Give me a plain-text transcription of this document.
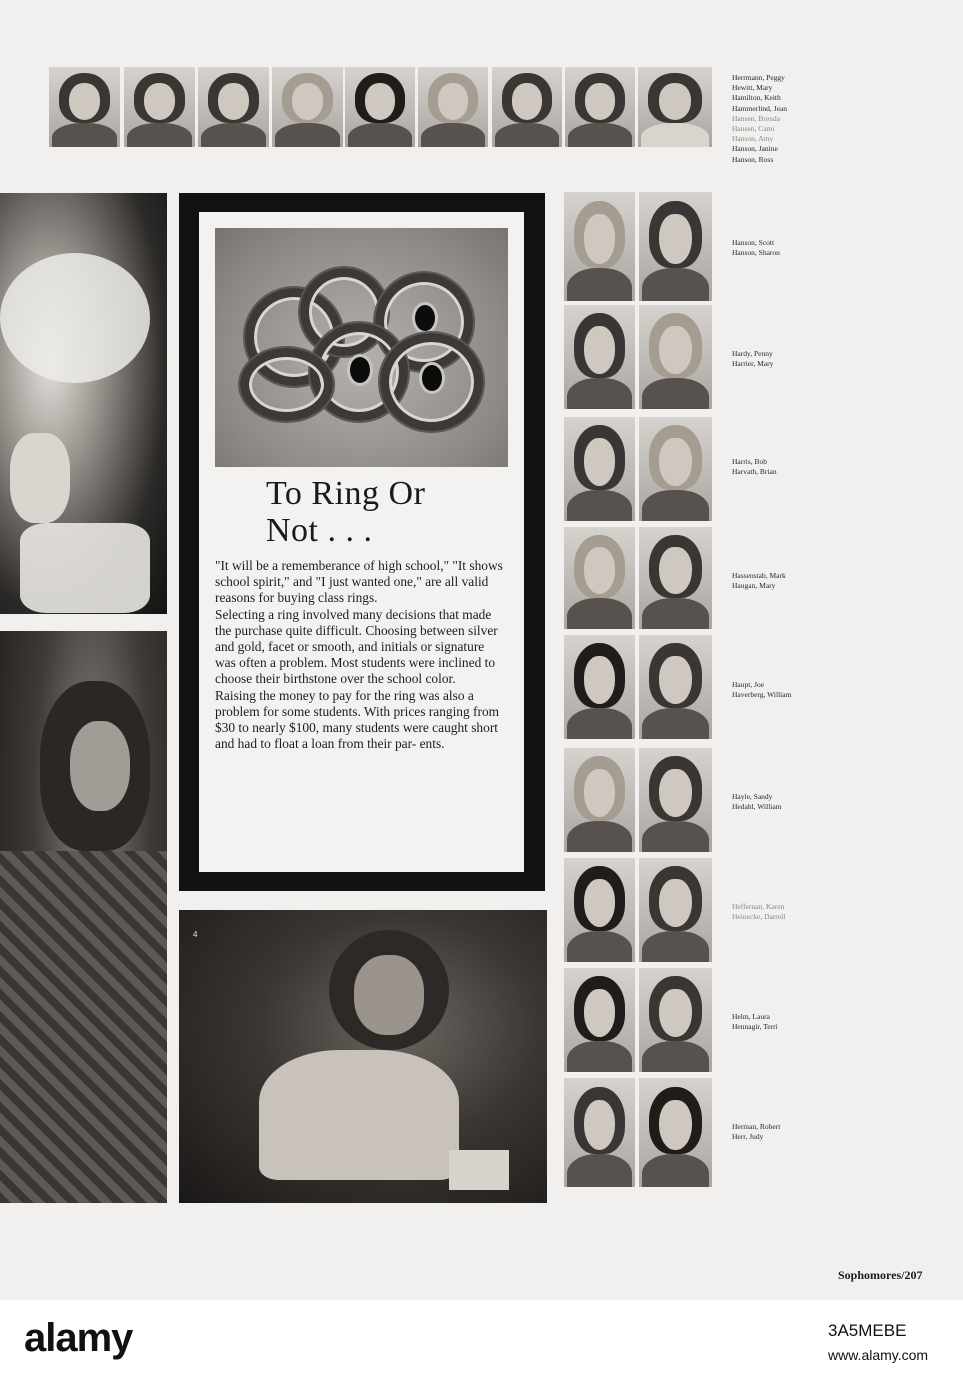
Herrmann, Peggy
Hewitt, Mary
Hamilton, Keith
Hammerlind, Jean
Hansen, Brenda
Hansen, Cami
Hanson, Amy
Hanson, Janine
Hanson, Ross
To Ring Or
Not . . .

"It will be a rememberance of high school," "It shows school spirit," and "I just wanted one," are all valid reasons for buying class rings.

Selecting a ring involved many decisions that made the purchase quite difficult. Choosing between silver and gold, facet or smooth, and initials or signature was often a problem. Most students were inclined to choose their birthstone over the school color.

Raising the money to pay for the ring was also a problem for some students. With prices ranging from $30 to nearly $100, many students were caught short and had to float a loan from their par- ents.

4
Hanson, Scott
Hanson, Sharon
Hardy, Penny
Harrier, Mary
Harris, Bob
Harvath, Brian
Hassenstab, Mark
Haugan, Mary
Haupt, Joe
Haverberg, William
Hayle, Sandy
Hedahl, William
Heffernan, Karen
Heinecke, Darrell
Helm, Laura
Hennagir, Terri
Herman, Robert
Herr, Judy
Sophomores/207
alamy	3A5MEBE
www.alamy.com
